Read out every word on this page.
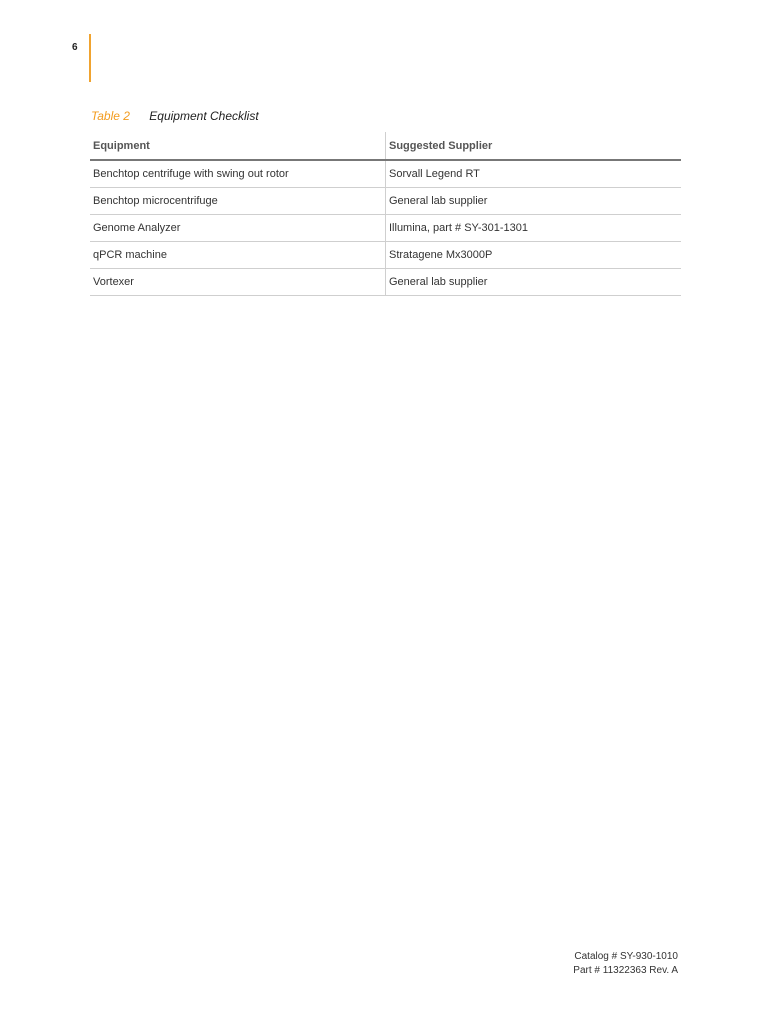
6
Table 2 Equipment Checklist
Equipment	Suggested Supplier
Benchtop centrifuge with swing out rotor	Sorvall Legend RT
Benchtop microcentrifuge	General lab supplier
Genome Analyzer	Illumina, part # SY-301-1301
qPCR machine	Stratagene Mx3000P
Vortexer	General lab supplier
Catalog # SY-930-1010
Part # 11322363 Rev. A
